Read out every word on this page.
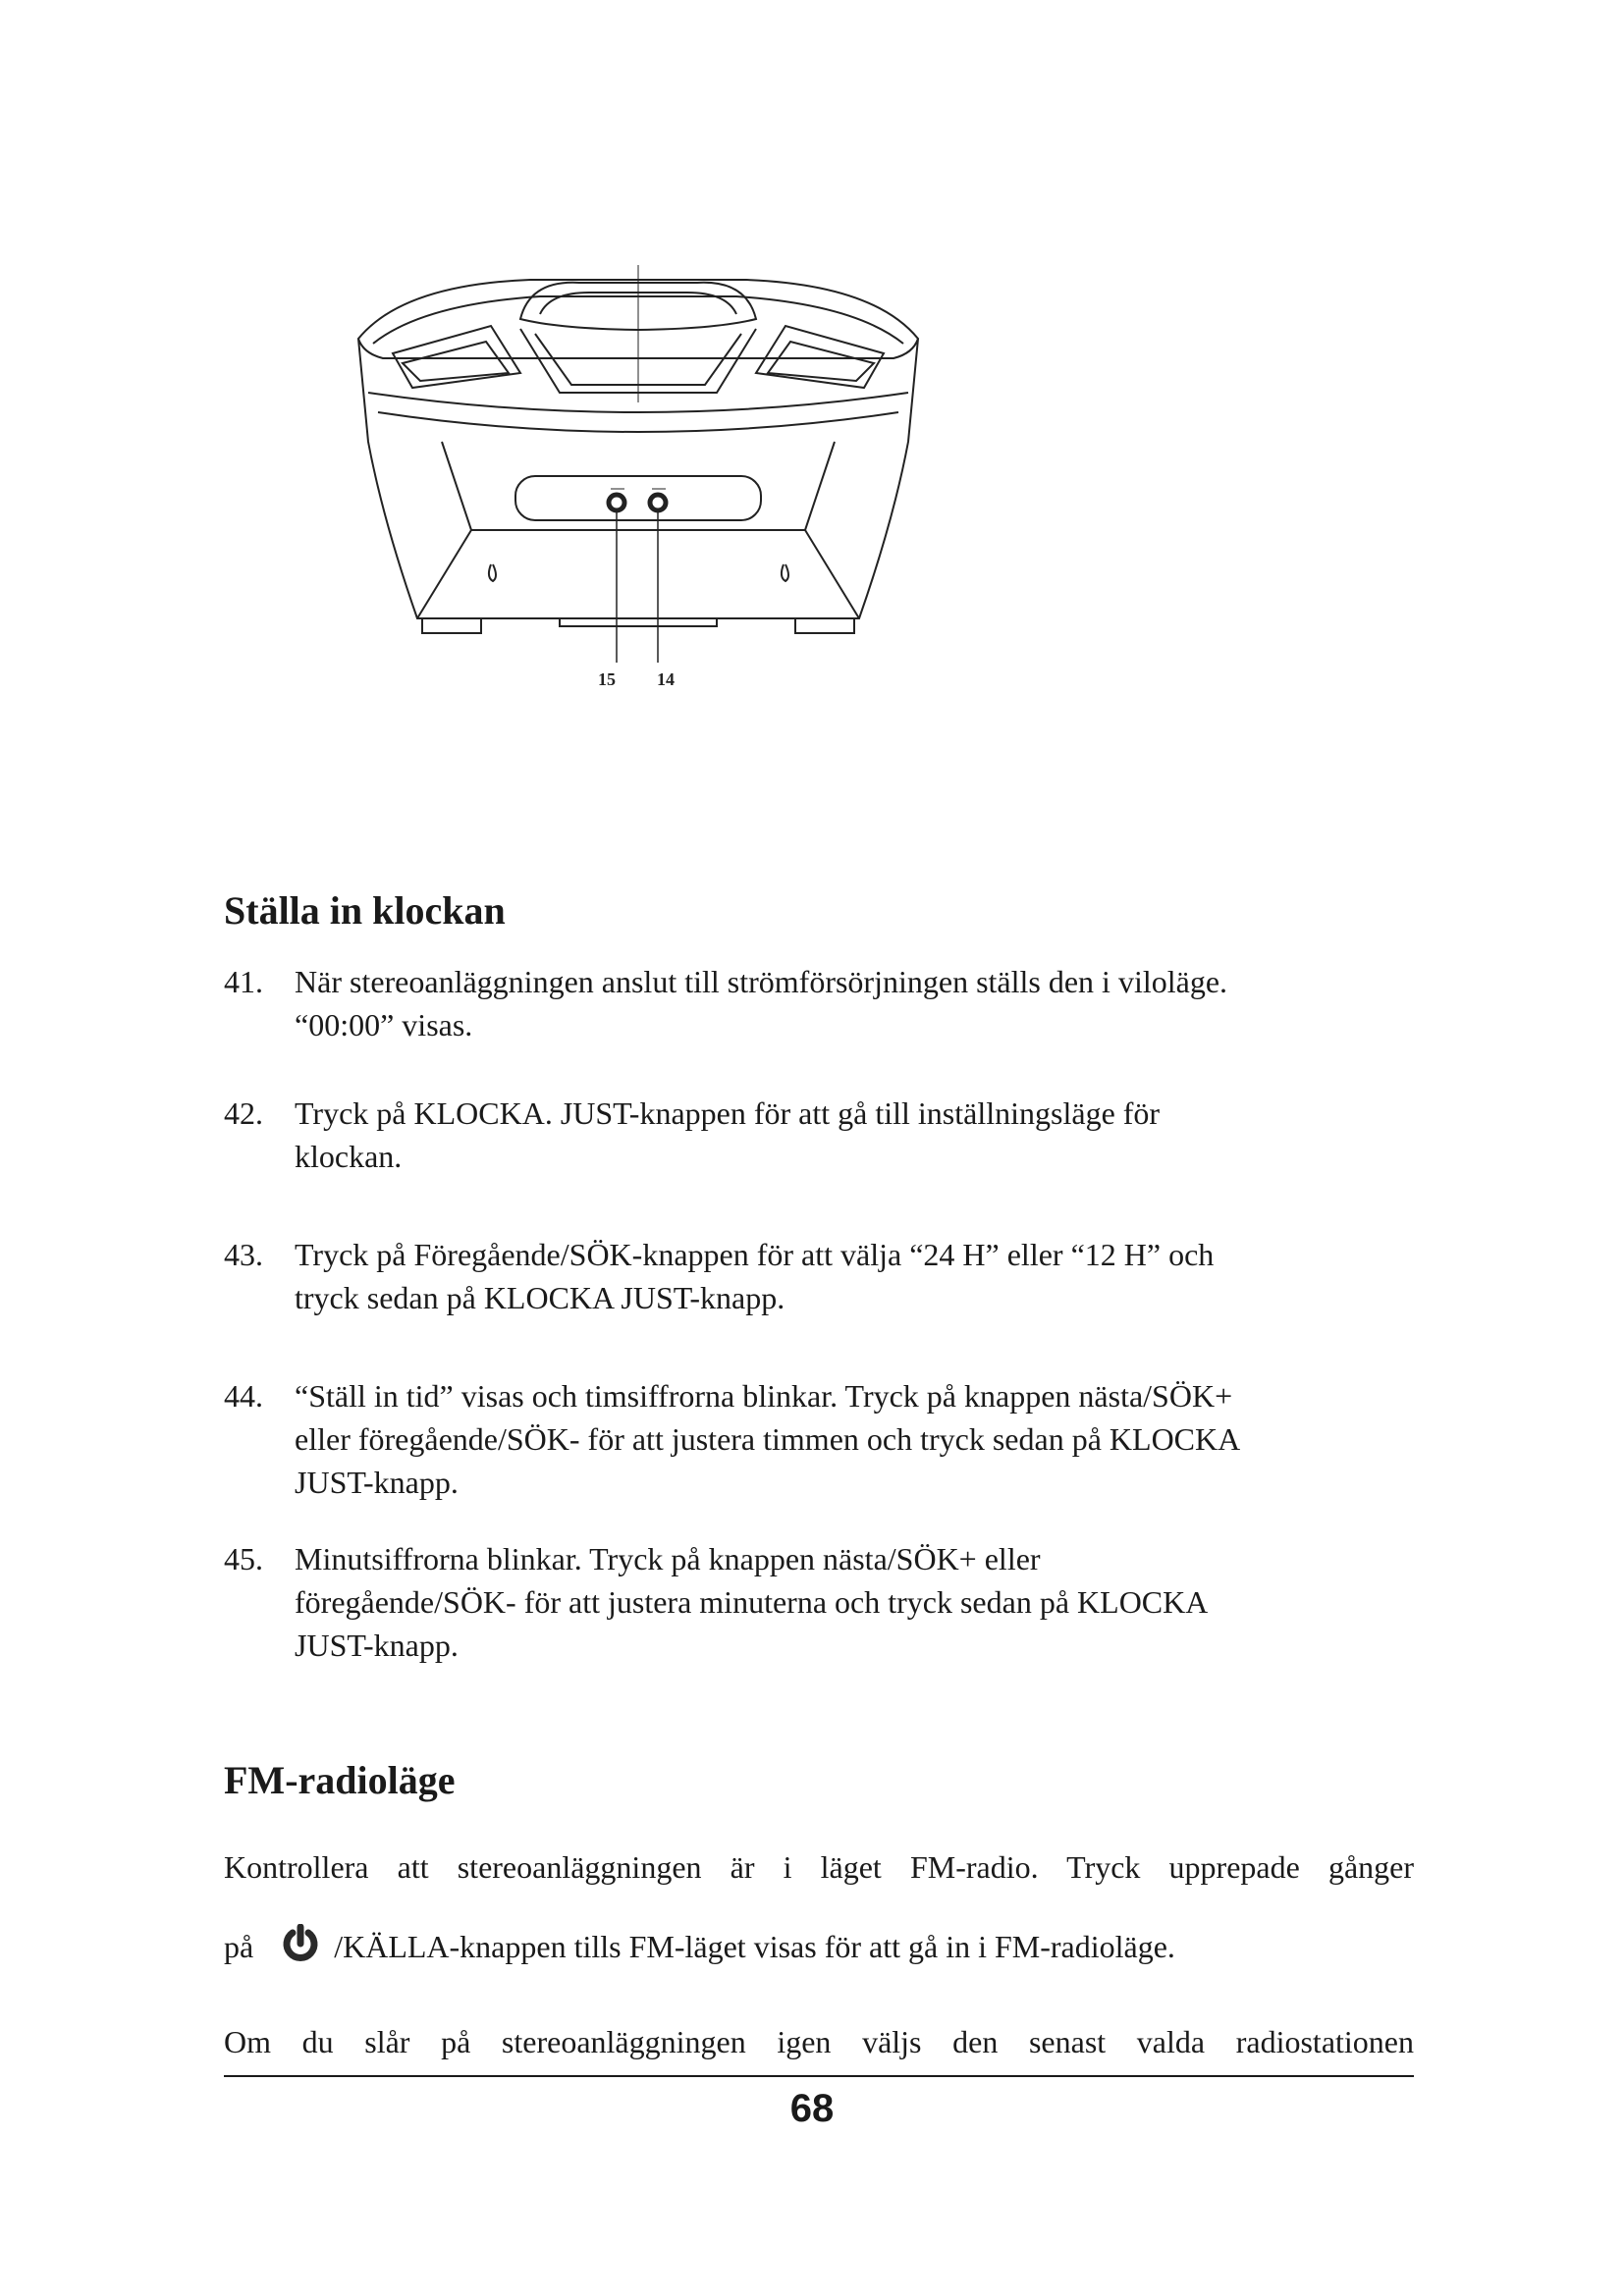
15 14
Ställa in klockan
41.	När stereoanläggningen anslut till strömförsörjningen ställs den i viloläge.
“00:00” visas.
42.	Tryck på KLOCKA. JUST-knappen för att gå till inställningsläge för
klockan.
43.	Tryck på Föregående/SÖK-knappen för att välja “24 H” eller “12 H” och
tryck sedan på KLOCKA JUST-knapp.
44.	“Ställ in tid” visas och timsiffrorna blinkar. Tryck på knappen nästa/SÖK+
eller föregående/SÖK- för att justera timmen och tryck sedan på KLOCKA
JUST-knapp.
45.	Minutsiffrorna blinkar. Tryck på knappen nästa/SÖK+ eller
föregående/SÖK- för att justera minuterna och tryck sedan på KLOCKA
JUST-knapp.
FM-radioläge
Kontrollera att stereoanläggningen är i läget FM-radio. Tryck upprepade gånger
på	/KÄLLA-knappen tills FM-läget visas för att gå in i FM-radioläge.
Om du slår på stereoanläggningen igen väljs den senast valda radiostationen
68
